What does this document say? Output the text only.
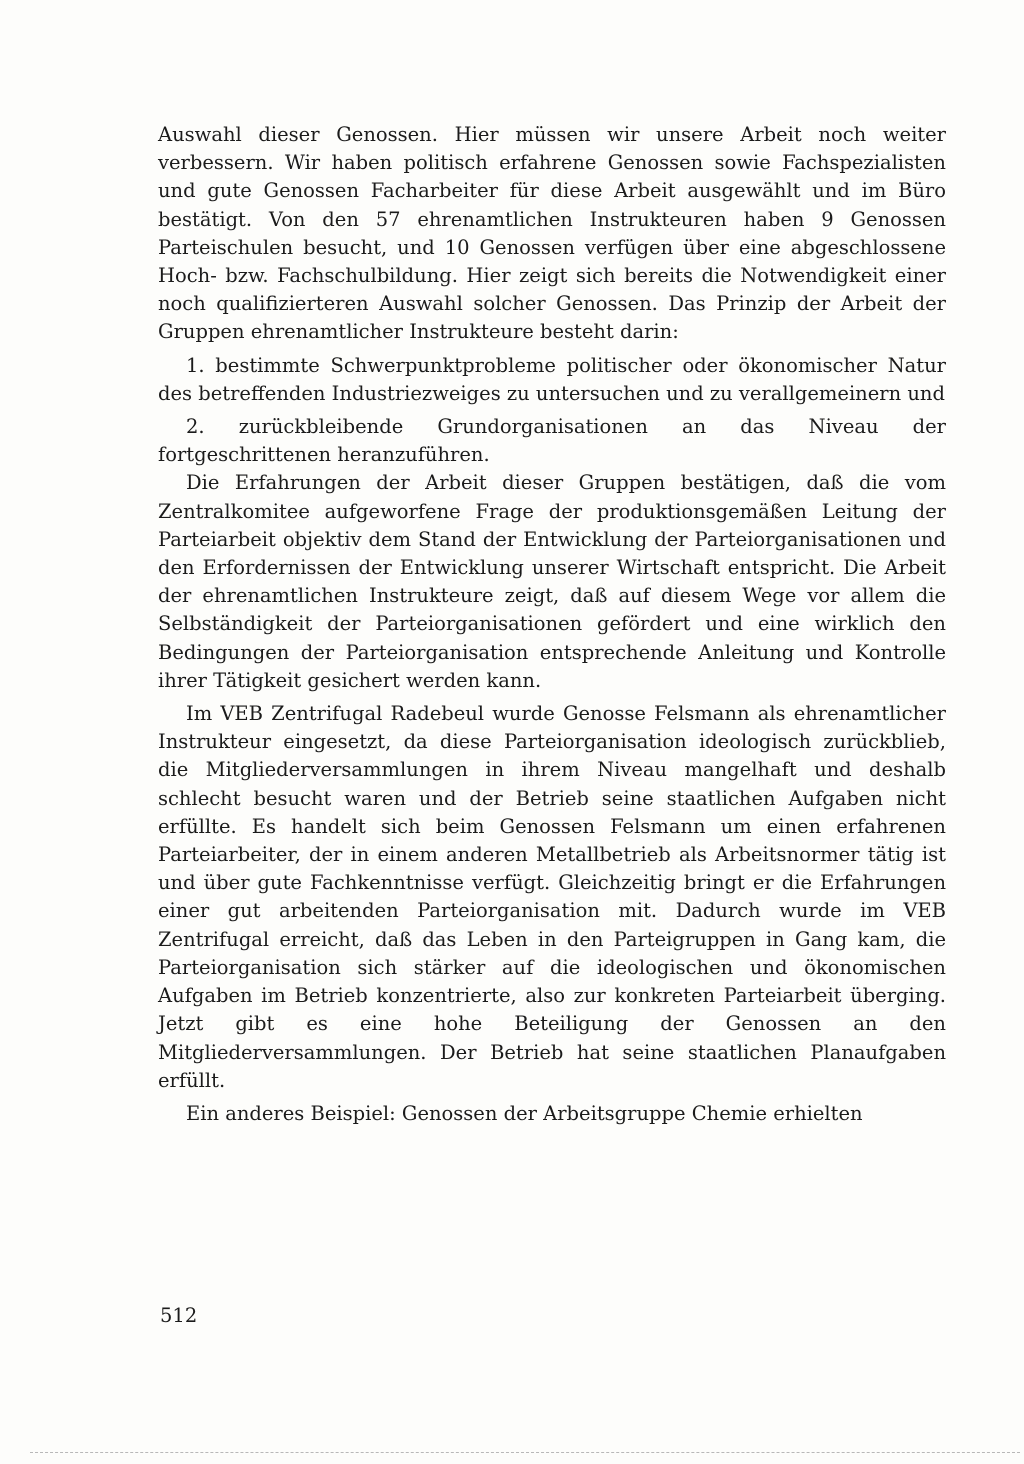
Auswahl dieser Genossen. Hier müssen wir unsere Arbeit noch weiter verbessern. Wir haben politisch erfahrene Genossen sowie Fachspezialisten und gute Genossen Facharbeiter für diese Arbeit ausgewählt und im Büro bestätigt. Von den 57 ehrenamtlichen Instrukteuren haben 9 Genossen Parteischulen besucht, und 10 Genossen verfügen über eine abgeschlossene Hoch- bzw. Fachschulbildung. Hier zeigt sich bereits die Notwendigkeit einer noch qualifizierteren Auswahl solcher Genossen. Das Prinzip der Arbeit der Gruppen ehrenamtlicher Instrukteure besteht darin:

1. bestimmte Schwerpunktprobleme politischer oder ökonomischer Natur des betreffenden Industriezweiges zu untersuchen und zu verallgemeinern und

2. zurückbleibende Grundorganisationen an das Niveau der fortgeschrittenen heranzuführen.

Die Erfahrungen der Arbeit dieser Gruppen bestätigen, daß die vom Zentralkomitee aufgeworfene Frage der produktionsgemäßen Leitung der Parteiarbeit objektiv dem Stand der Entwicklung der Parteiorganisationen und den Erfordernissen der Entwicklung unserer Wirtschaft entspricht. Die Arbeit der ehrenamtlichen Instrukteure zeigt, daß auf diesem Wege vor allem die Selbständigkeit der Parteiorganisationen gefördert und eine wirklich den Bedingungen der Parteiorganisation entsprechende Anleitung und Kontrolle ihrer Tätigkeit gesichert werden kann.

Im VEB Zentrifugal Radebeul wurde Genosse Felsmann als ehrenamtlicher Instrukteur eingesetzt, da diese Parteiorganisation ideologisch zurückblieb, die Mitgliederversammlungen in ihrem Niveau mangelhaft und deshalb schlecht besucht waren und der Betrieb seine staatlichen Aufgaben nicht erfüllte. Es handelt sich beim Genossen Felsmann um einen erfahrenen Parteiarbeiter, der in einem anderen Metallbetrieb als Arbeitsnormer tätig ist und über gute Fachkenntnisse verfügt. Gleichzeitig bringt er die Erfahrungen einer gut arbeitenden Parteiorganisation mit. Dadurch wurde im VEB Zentrifugal erreicht, daß das Leben in den Parteigruppen in Gang kam, die Parteiorganisation sich stärker auf die ideologischen und ökonomischen Aufgaben im Betrieb konzentrierte, also zur konkreten Parteiarbeit überging. Jetzt gibt es eine hohe Beteiligung der Genossen an den Mitgliederversammlungen. Der Betrieb hat seine staatlichen Planaufgaben erfüllt.

Ein anderes Beispiel: Genossen der Arbeitsgruppe Chemie erhielten

512
